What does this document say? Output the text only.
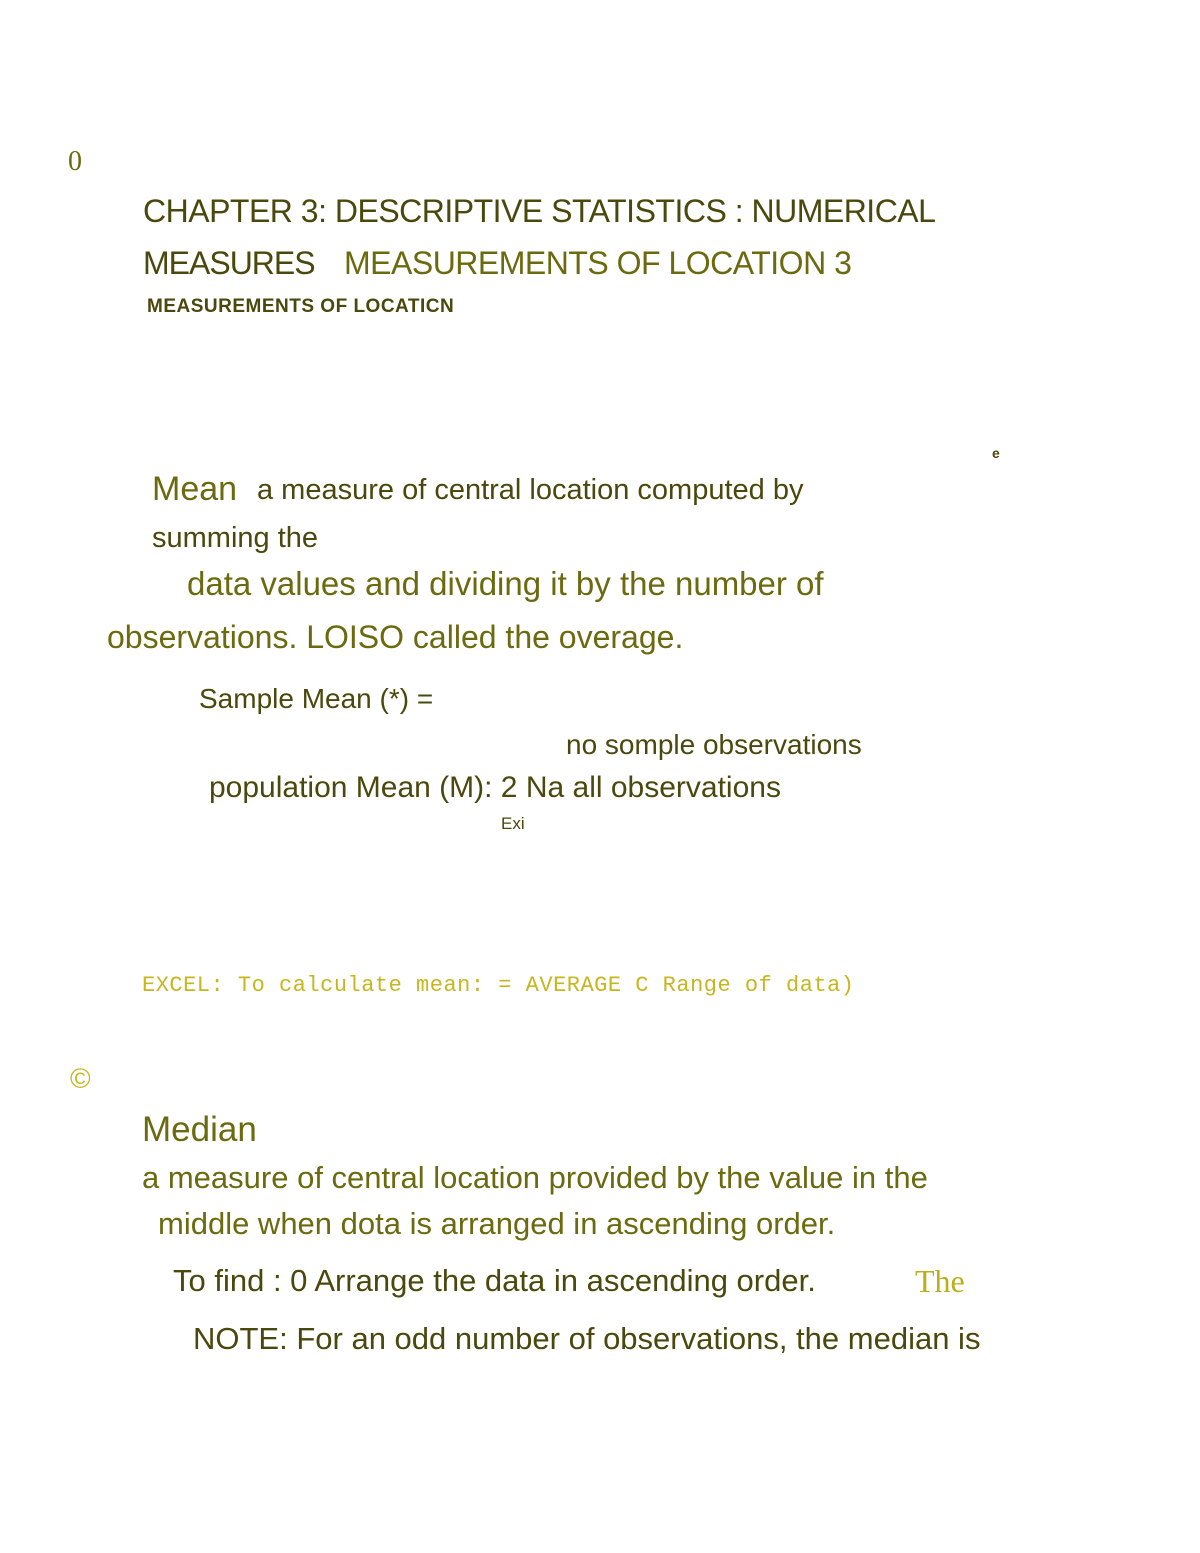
0
CHAPTER 3: DESCRIPTIVE STATISTICS : NUMERICAL
MEASURES MEASUREMENTS OF LOCATION 3
MEASUREMENTS OF LOCATICN
e
Mean a measure of central location computed by
summing the
data values and dividing it by the number of
observations. LOISO called the overage.
Sample Mean (*) =
no somple observations
population Mean (M): 2 Na all observations
Exi
EXCEL: To calculate mean: = AVERAGE C Range of data)
©
Median
a measure of central location provided by the value in the
middle when dota is arranged in ascending order.
To find : 0 Arrange the data in ascending order.	The
NOTE: For an odd number of observations, the median is
